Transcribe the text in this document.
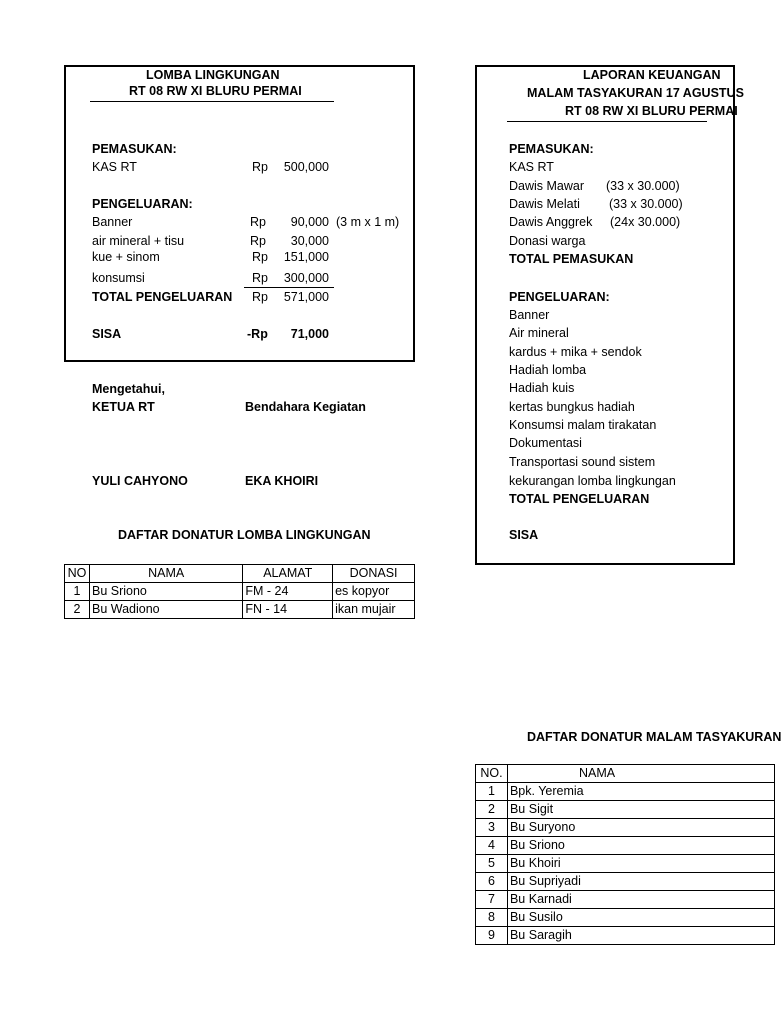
LOMBA LINGKUNGAN
RT 08 RW XI BLURU PERMAI
PEMASUKAN:
KAS RT	Rp 500,000
PENGELUARAN:
Banner	Rp 90,000 (3 m x 1 m)
air mineral + tisu	Rp 30,000
kue + sinom	Rp 151,000
konsumsi	Rp 300,000
TOTAL PENGELUARAN Rp 571,000
SISA	-Rp 71,000
Mengetahui,
KETUA RT	Bendahara Kegiatan
YULI CAHYONO	EKA KHOIRI
DAFTAR DONATUR LOMBA LINGKUNGAN
NO	NAMA	ALAMAT	DONASI
1	Bu Sriono	FM - 24	es kopyor
2	Bu Wadiono	FN - 14	ikan mujair
LAPORAN KEUANGAN
MALAM TASYAKURAN 17 AGUSTUS
RT 08 RW XI BLURU PERMAI
PEMASUKAN:
KAS RT
Dawis Mawar (33 x 30.000)
Dawis Melati (33 x 30.000)
Dawis Anggrek (24x 30.000)
Donasi warga
TOTAL PEMASUKAN
PENGELUARAN:
Banner
Air mineral
kardus + mika + sendok
Hadiah lomba
Hadiah kuis
kertas bungkus hadiah
Konsumsi malam tirakatan
Dokumentasi
Transportasi sound sistem
kekurangan lomba lingkungan
TOTAL PENGELUARAN
SISA
DAFTAR DONATUR MALAM TASYAKURAN
NO.	NAMA
1	Bpk. Yeremia
2	Bu Sigit
3	Bu Suryono
4	Bu Sriono
5	Bu Khoiri
6	Bu Supriyadi
7	Bu Karnadi
8	Bu Susilo
9	Bu Saragih
